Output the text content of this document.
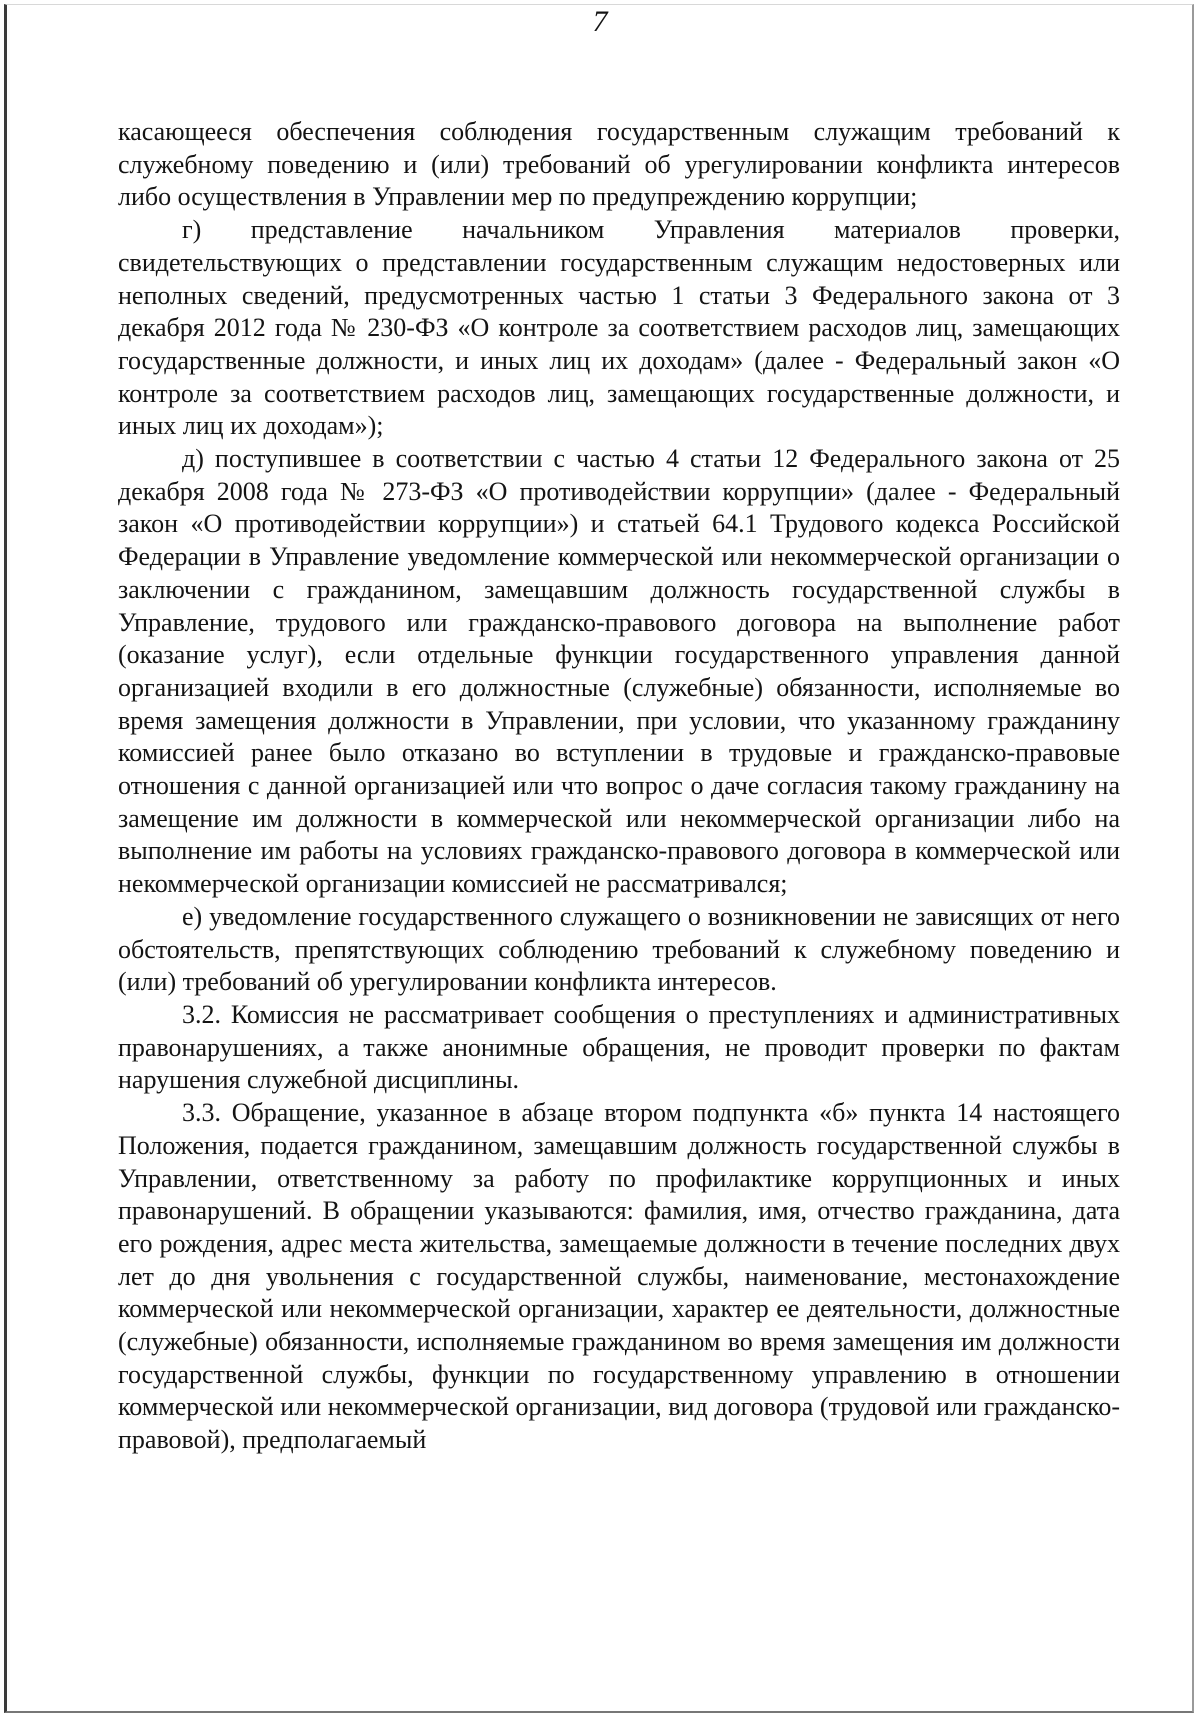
7

касающееся обеспечения соблюдения государственным служащим требований к служебному поведению и (или) требований об урегулировании конфликта интересов либо осуществления в Управлении мер по предупреждению коррупции;

г) представление начальником Управления материалов проверки, свидетельствующих о представлении государственным служащим недостоверных или неполных сведений, предусмотренных частью 1 статьи 3 Федерального закона от 3 декабря 2012 года № 230-ФЗ «О контроле за соответствием расходов лиц, замещающих государственные должности, и иных лиц их доходам» (далее - Федеральный закон «О контроле за соответствием расходов лиц, замещающих государственные должности, и иных лиц их доходам»);

д) поступившее в соответствии с частью 4 статьи 12 Федерального закона от 25 декабря 2008 года № 273-ФЗ «О противодействии коррупции» (далее - Федеральный закон «О противодействии коррупции») и статьей 64.1 Трудового кодекса Российской Федерации в Управление уведомление коммерческой или некоммерческой организации о заключении с гражданином, замещавшим должность государственной службы в Управление, трудового или гражданско-правового договора на выполнение работ (оказание услуг), если отдельные функции государственного управления данной организацией входили в его должностные (служебные) обязанности, исполняемые во время замещения должности в Управлении, при условии, что указанному гражданину комиссией ранее было отказано во вступлении в трудовые и гражданско-правовые отношения с данной организацией или что вопрос о даче согласия такому гражданину на замещение им должности в коммерческой или некоммерческой организации либо на выполнение им работы на условиях гражданско-правового договора в коммерческой или некоммерческой организации комиссией не рассматривался;

е) уведомление государственного служащего о возникновении не зависящих от него обстоятельств, препятствующих соблюдению требований к служебному поведению и (или) требований об урегулировании конфликта интересов.

3.2. Комиссия не рассматривает сообщения о преступлениях и административных правонарушениях, а также анонимные обращения, не проводит проверки по фактам нарушения служебной дисциплины.

3.3. Обращение, указанное в абзаце втором подпункта «б» пункта 14 настоящего Положения, подается гражданином, замещавшим должность государственной службы в Управлении, ответственному за работу по профилактике коррупционных и иных правонарушений. В обращении указываются: фамилия, имя, отчество гражданина, дата его рождения, адрес места жительства, замещаемые должности в течение последних двух лет до дня увольнения с государственной службы, наименование, местонахождение коммерческой или некоммерческой организации, характер ее деятельности, должностные (служебные) обязанности, исполняемые гражданином во время замещения им должности государственной службы, функции по государственному управлению в отношении коммерческой или некоммерческой организации, вид договора (трудовой или гражданско-правовой), предполагаемый
